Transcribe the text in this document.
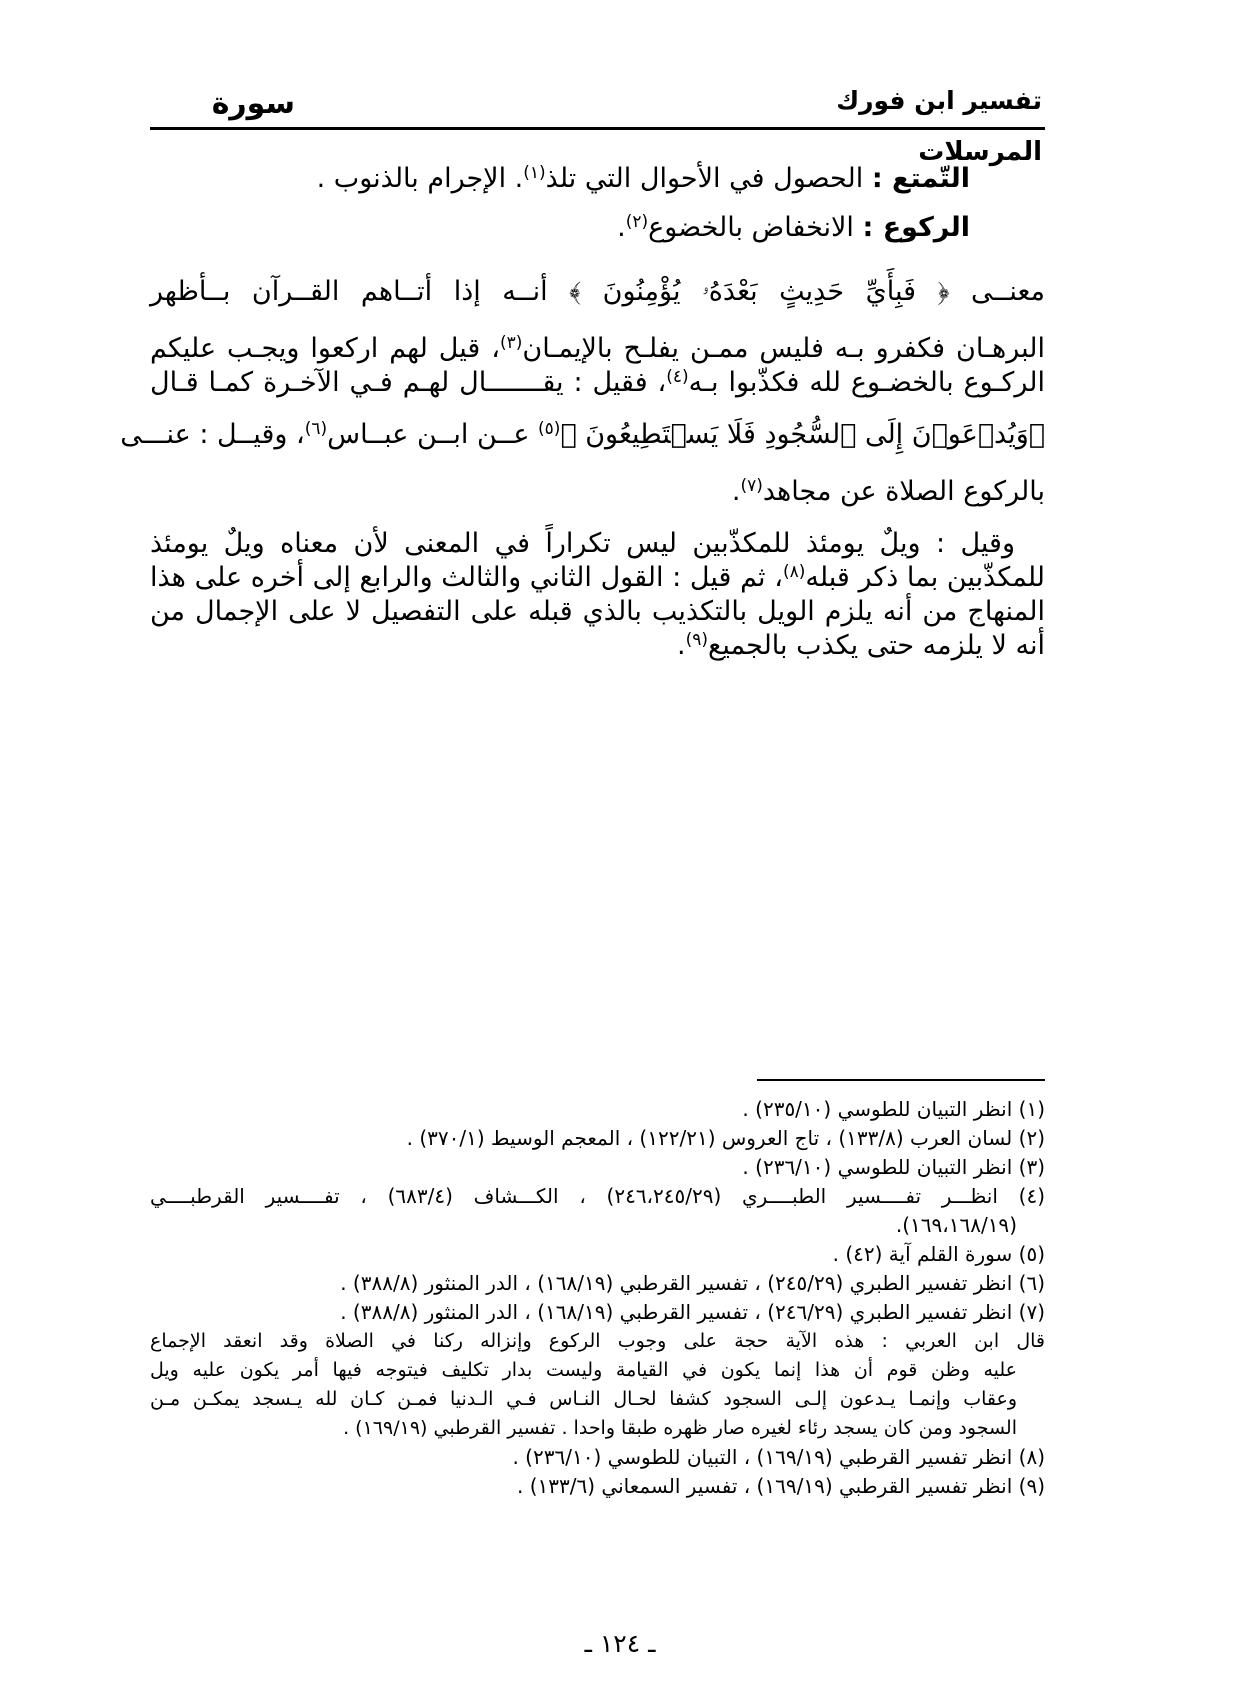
تفسير ابن فورك
سورة
المرسلات
التّمتع : الحصول في الأحوال التي تلذ$^{(١)}$. الإجرام بالذنوب .
الركوع : الانخفاض بالخضوع$^{(٢)}$.
معنــى ﴿ فَبِأَيِّ حَدِيثٍ بَعْدَهُۥ يُؤْمِنُونَ ﴾ أنــه إذا أتــاهم القــرآن بــأظهر
البرهـان فكفرو بـه فليس ممـن يفلـح بالإيمـان$^{(٣)}$، قيل لهم اركعوا ويجـب عليكم
الركـوع بالخضـوع لله فكذّبوا بـه$^{(٤)}$، فقيل : يقـــــــال لهـم فـي الآخـرة كمـا قـال
﴿وَيُدۡعَوۡنَ إِلَى ٱلسُّجُودِ فَلَا يَسۡتَطِيعُونَ ﴾$^{(٥)}$ عــن ابــن عبــاس$^{(٦)}$، وقيــل : عنـــى
بالركوع الصلاة عن مجاهد$^{(٧)}$.
وقيل : ويلٌ يومئذ للمكذّبين ليس تكراراً في المعنى لأن معناه ويلٌ يومئذ
للمكذّبين بما ذكر قبله$^{(٨)}$، ثم قيل : القول الثاني والثالث والرابع إلى أخره على هذا
المنهاج من أنه يلزم الويل بالتكذيب بالذي قبله على التفصيل لا على الإجمال من
أنه لا يلزمه حتى يكذب بالجميع$^{(٩)}$.
(١) انظر التبيان للطوسي (٢٣٥/١٠) .
(٢) لسان العرب (١٣٣/٨) ، تاج العروس (١٢٢/٢١) ، المعجم الوسيط (٣٧٠/١) .
(٣) انظر التبيان للطوسي (٢٣٦/١٠) .
(٤) انظـــر تفــــسير الطبــــري (٢٤٦،٢٤٥/٢٩) ، الكـــشاف (٦٨٣/٤) ، تفــــسير القرطبــــي
(١٦٩،١٦٨/١٩).
(٥) سورة القلم آية (٤٢) .
(٦) انظر تفسير الطبري (٢٤٥/٢٩) ، تفسير القرطبي (١٦٨/١٩) ، الدر المنثور (٣٨٨/٨) .
(٧) انظر تفسير الطبري (٢٤٦/٢٩) ، تفسير القرطبي (١٦٨/١٩) ، الدر المنثور (٣٨٨/٨) .
قال ابن العربي : هذه الآية حجة على وجوب الركوع وإنزاله ركنا في الصلاة وقد انعقد الإجماع
عليه وظن قوم أن هذا إنما يكون في القيامة وليست بدار تكليف فيتوجه فيها أمر يكون عليه ويل
وعقاب وإنمـا يـدعون إلـى السجود كشفا لحـال النـاس فـي الـدنيا فمـن كـان لله يـسجد يمكـن مـن
السجود ومن كان يسجد رئاء لغيره صار ظهره طبقا واحدا . تفسير القرطبي (١٦٩/١٩) .
(٨) انظر تفسير القرطبي (١٦٩/١٩) ، التبيان للطوسي (٢٣٦/١٠) .
(٩) انظر تفسير القرطبي (١٦٩/١٩) ، تفسير السمعاني (١٣٣/٦) .
ـ ١٢٤ ـ
